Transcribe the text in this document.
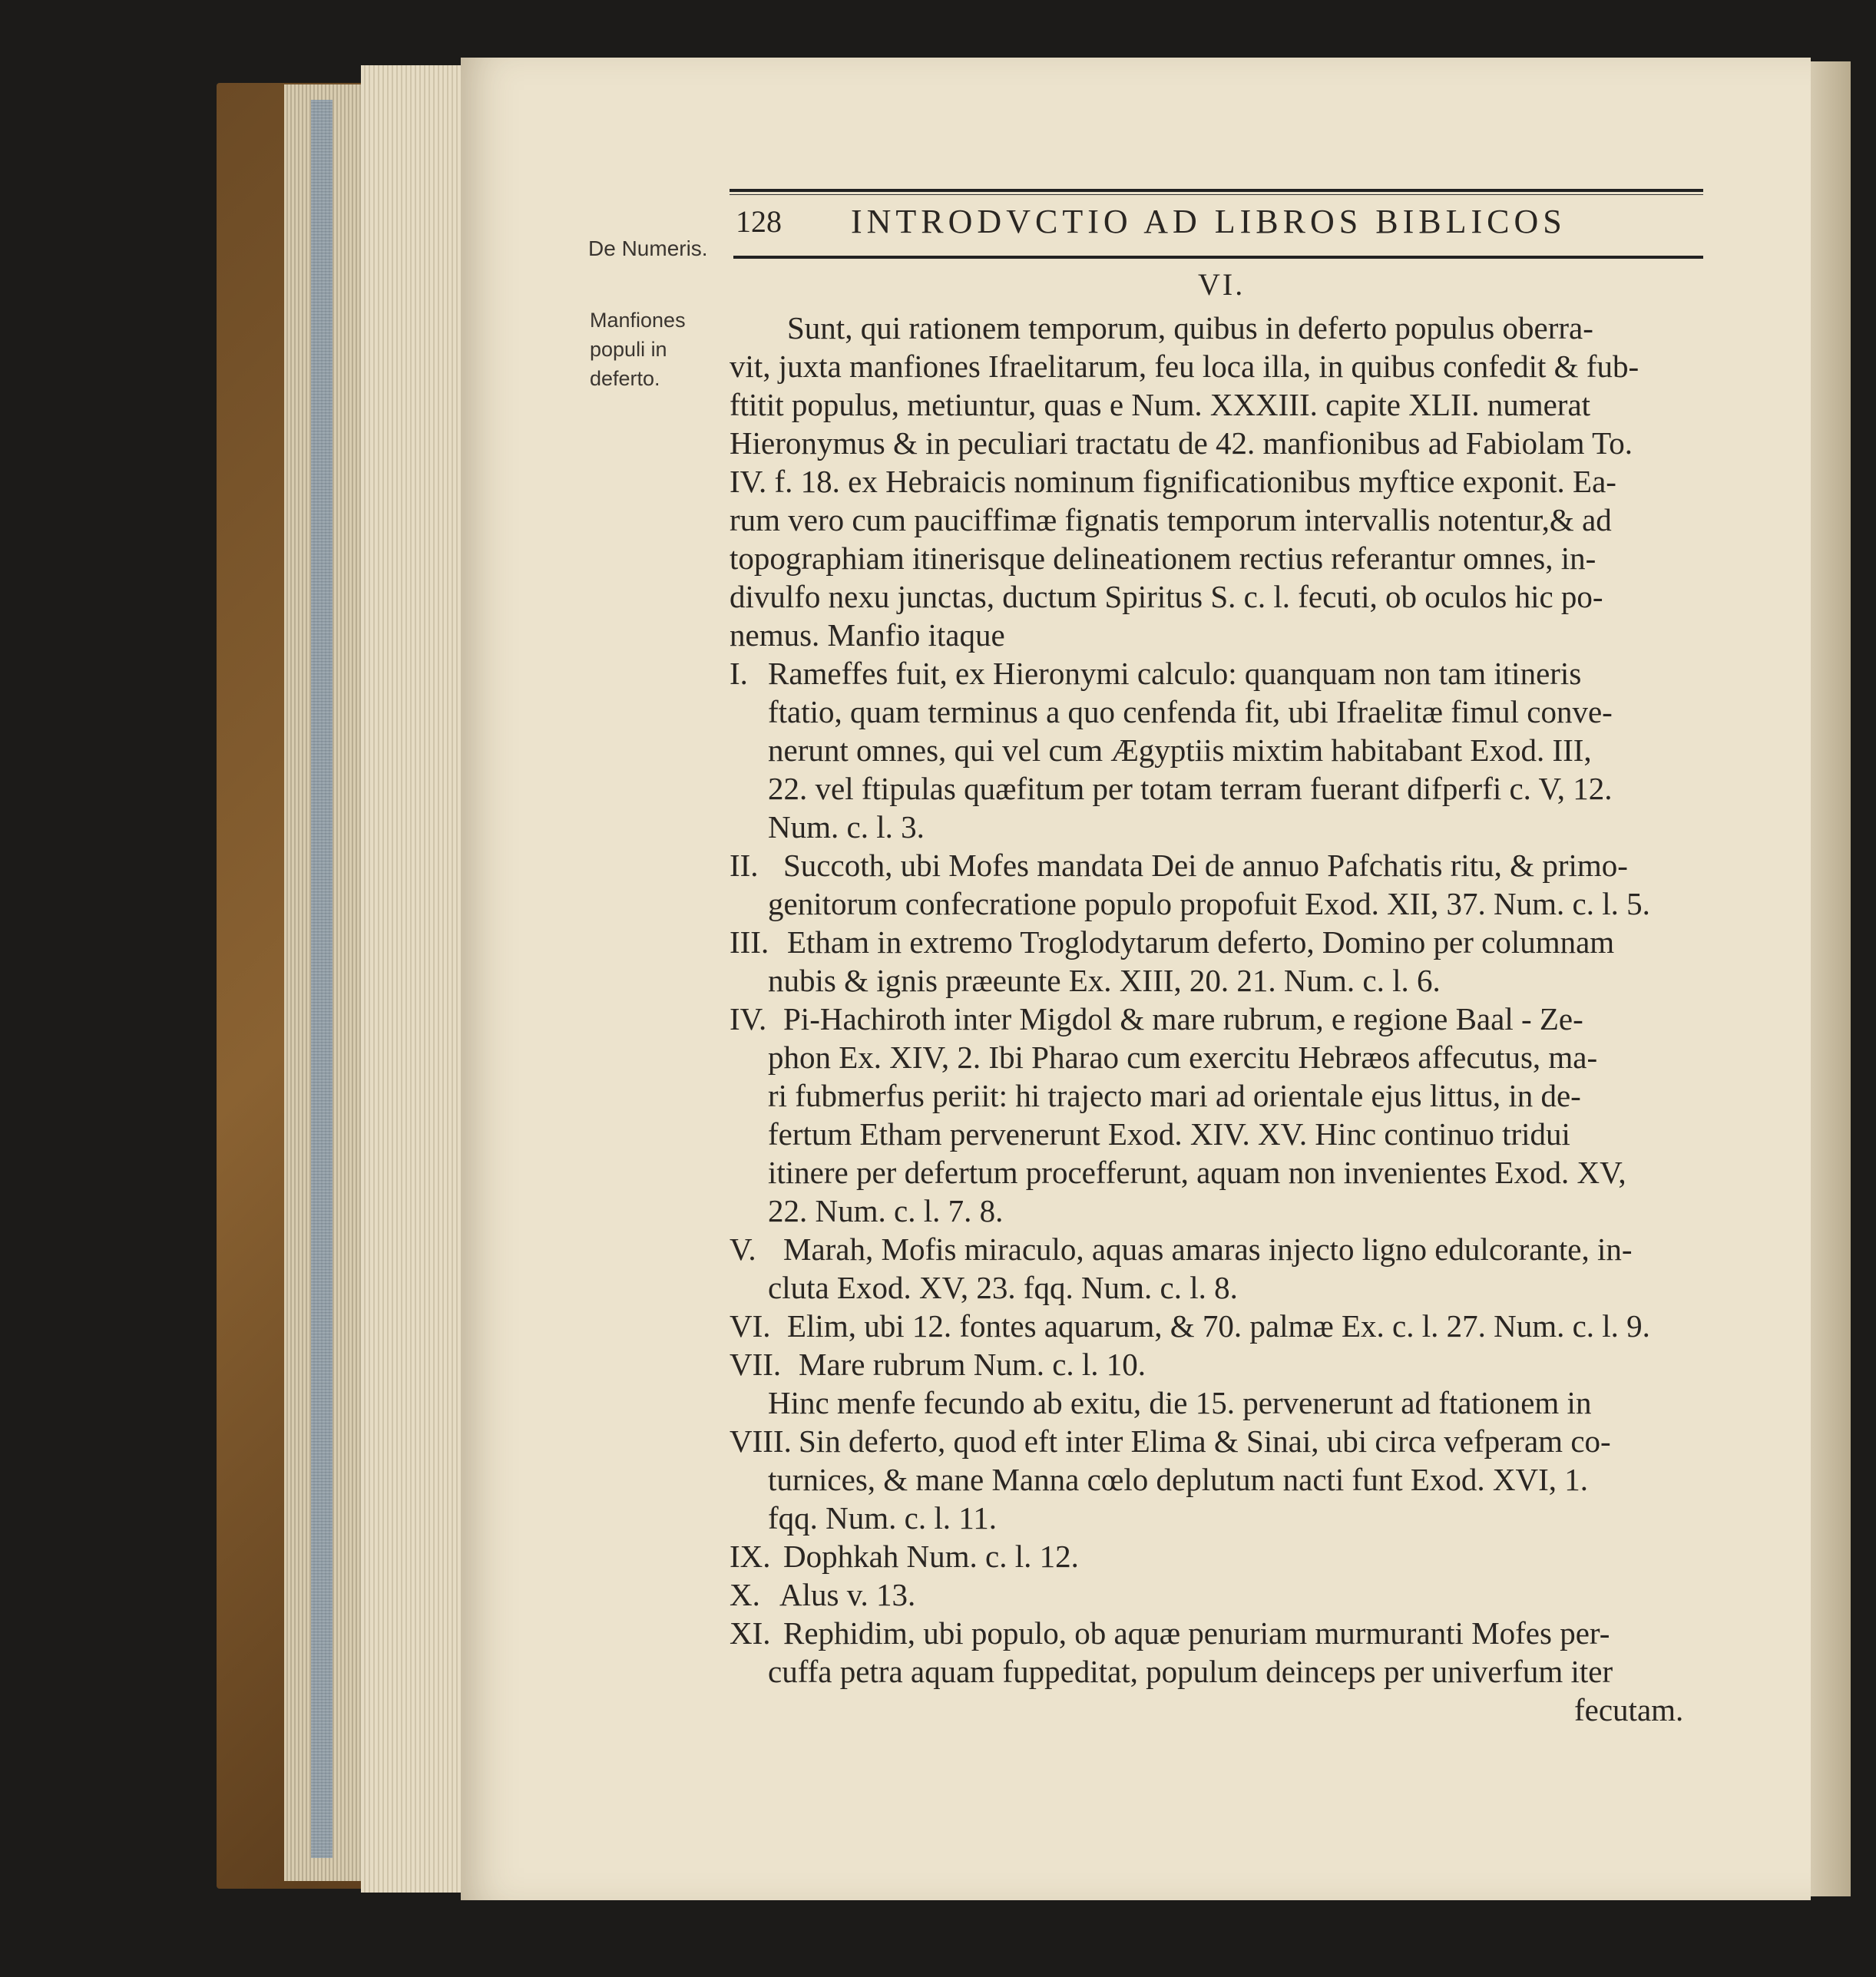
128 INTRODVCTIO AD LIBROS BIBLICOS
De Numeris.
Manfiones
populi in
deferto.
VI.
Sunt, qui rationem temporum, quibus in deferto populus oberra-
vit, juxta manfiones Ifraelitarum, feu loca illa, in quibus confedit & fub-
ftitit populus, metiuntur, quas e Num. XXXIII. capite XLII. numerat
Hieronymus & in peculiari tractatu de 42. manfionibus ad Fabiolam To.
IV. f. 18. ex Hebraicis nominum fignificationibus myftice exponit. Ea-
rum vero cum pauciffimæ fignatis temporum intervallis notentur,& ad
topographiam itinerisque delineationem rectius referantur omnes, in-
divulfo nexu junctas, ductum Spiritus S. c. l. fecuti, ob oculos hic po-
nemus. Manfio itaque
I. Rameffes fuit, ex Hieronymi calculo: quanquam non tam itineris
ftatio, quam terminus a quo cenfenda fit, ubi Ifraelitæ fimul conve-
nerunt omnes, qui vel cum Ægyptiis mixtim habitabant Exod. III,
22. vel ftipulas quæfitum per totam terram fuerant difperfi c. V, 12.
Num. c. l. 3.
II. Succoth, ubi Mofes mandata Dei de annuo Pafchatis ritu, & primo-
genitorum confecratione populo propofuit Exod. XII, 37. Num. c. l. 5.
III. Etham in extremo Troglodytarum deferto, Domino per columnam
nubis & ignis præeunte Ex. XIII, 20. 21. Num. c. l. 6.
IV. Pi-Hachiroth inter Migdol & mare rubrum, e regione Baal - Ze-
phon Ex. XIV, 2. Ibi Pharao cum exercitu Hebræos affecutus, ma-
ri fubmerfus periit: hi trajecto mari ad orientale ejus littus, in de-
fertum Etham pervenerunt Exod. XIV. XV. Hinc continuo tridui
itinere per defertum procefferunt, aquam non invenientes Exod. XV,
22. Num. c. l. 7. 8.
V. Marah, Mofis miraculo, aquas amaras injecto ligno edulcorante, in-
cluta Exod. XV, 23. fqq. Num. c. l. 8.
VI. Elim, ubi 12. fontes aquarum, & 70. palmæ Ex. c. l. 27. Num. c. l. 9.
VII. Mare rubrum Num. c. l. 10.
Hinc menfe fecundo ab exitu, die 15. pervenerunt ad ftationem in
VIII. Sin deferto, quod eft inter Elima & Sinai, ubi circa vefperam co-
turnices, & mane Manna cœlo deplutum nacti funt Exod. XVI, 1.
fqq. Num. c. l. 11.
IX. Dophkah Num. c. l. 12.
X. Alus v. 13.
XI. Rephidim, ubi populo, ob aquæ penuriam murmuranti Mofes per-
cuffa petra aquam fuppeditat, populum deinceps per univerfum iter
fecutam.
